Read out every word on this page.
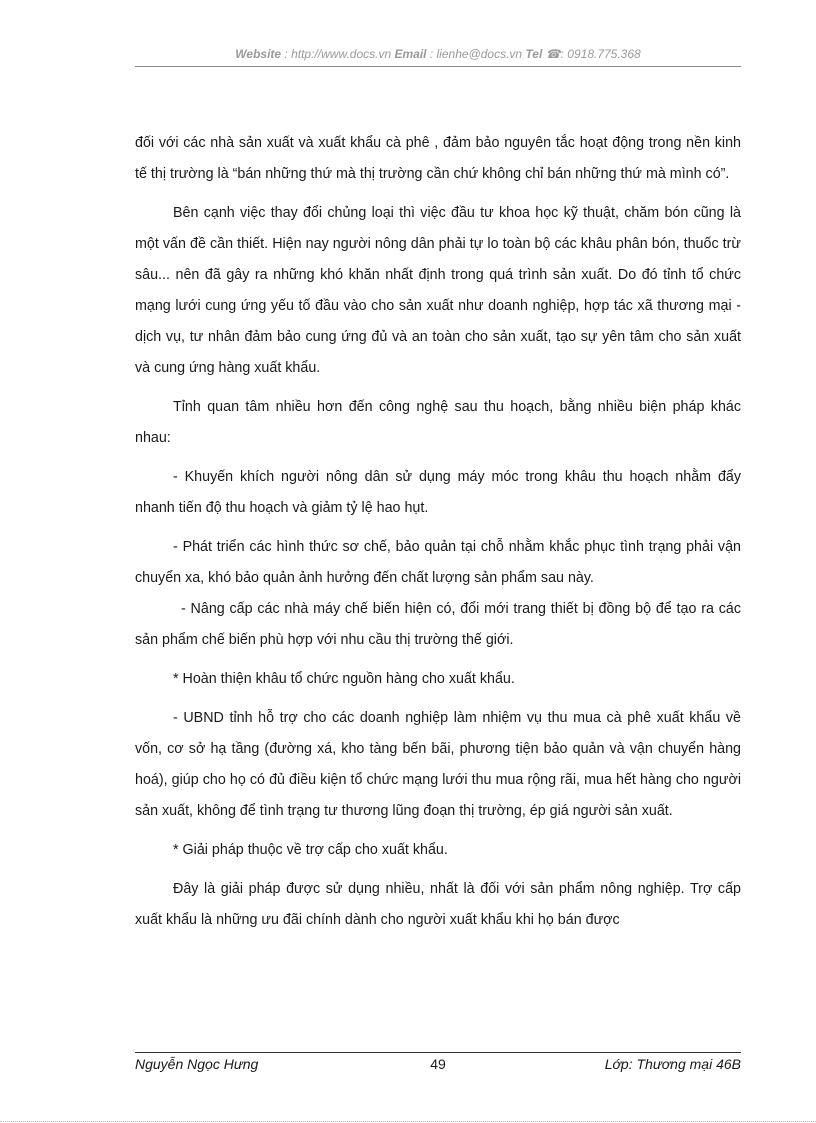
Website : http://www.docs.vn Email : lienhe@docs.vn Tel ☎: 0918.775.368

đối với các nhà sản xuất và xuất khẩu cà phê , đảm bảo nguyên tắc hoạt động trong nền kinh tế thị trường là “bán những thứ mà thị trường cần chứ không chỉ bán những thứ mà mình có”.

Bên cạnh việc thay đổi chủng loại thì việc đầu tư khoa học kỹ thuật, chăm bón cũng là một vấn đề cần thiết. Hiện nay người nông dân phải tự lo toàn bộ các khâu phân bón, thuốc trừ sâu... nên đã gây ra những khó khăn nhất định trong quá trình sản xuất. Do đó tỉnh tổ chức mạng lưới cung ứng yếu tố đầu vào cho sản xuất như doanh nghiệp, hợp tác xã thương mại - dịch vụ, tư nhân đảm bảo cung ứng đủ và an toàn cho sản xuất, tạo sự yên tâm cho sản xuất và cung ứng hàng xuất khẩu.

Tỉnh quan tâm nhiều hơn đến công nghệ sau thu hoạch, bằng nhiều biện pháp khác nhau:

- Khuyến khích người nông dân sử dụng máy móc trong khâu thu hoạch nhằm đẩy nhanh tiến độ thu hoạch và giảm tỷ lệ hao hụt.

- Phát triển các hình thức sơ chế, bảo quản tại chỗ nhằm khắc phục tình trạng phải vận chuyển xa, khó bảo quản ảnh hưởng đến chất lượng sản phẩm sau này.

- Nâng cấp các nhà máy chế biến hiện có, đổi mới trang thiết bị đồng bộ để tạo ra các sản phẩm chế biến phù hợp với nhu cầu thị trường thế giới.

* Hoàn thiện khâu tổ chức nguồn hàng cho xuất khẩu.

- UBND tỉnh hỗ trợ cho các doanh nghiệp làm nhiệm vụ thu mua cà phê xuất khẩu về vốn, cơ sở hạ tầng (đường xá, kho tàng bến bãi, phương tiện bảo quản và vận chuyển hàng hoá), giúp cho họ có đủ điều kiện tổ chức mạng lưới thu mua rộng rãi, mua hết hàng cho người sản xuất, không để tình trạng tư thương lũng đoạn thị trường, ép giá người sản xuất.

* Giải pháp thuộc về trợ cấp cho xuất khẩu.

Đây là giải pháp được sử dụng nhiều, nhất là đối với sản phẩm nông nghiệp. Trợ cấp xuất khẩu là những ưu đãi chính dành cho người xuất khẩu khi họ bán được

Nguyễn Ngọc Hưng	49	Lớp: Thương mại 46B
